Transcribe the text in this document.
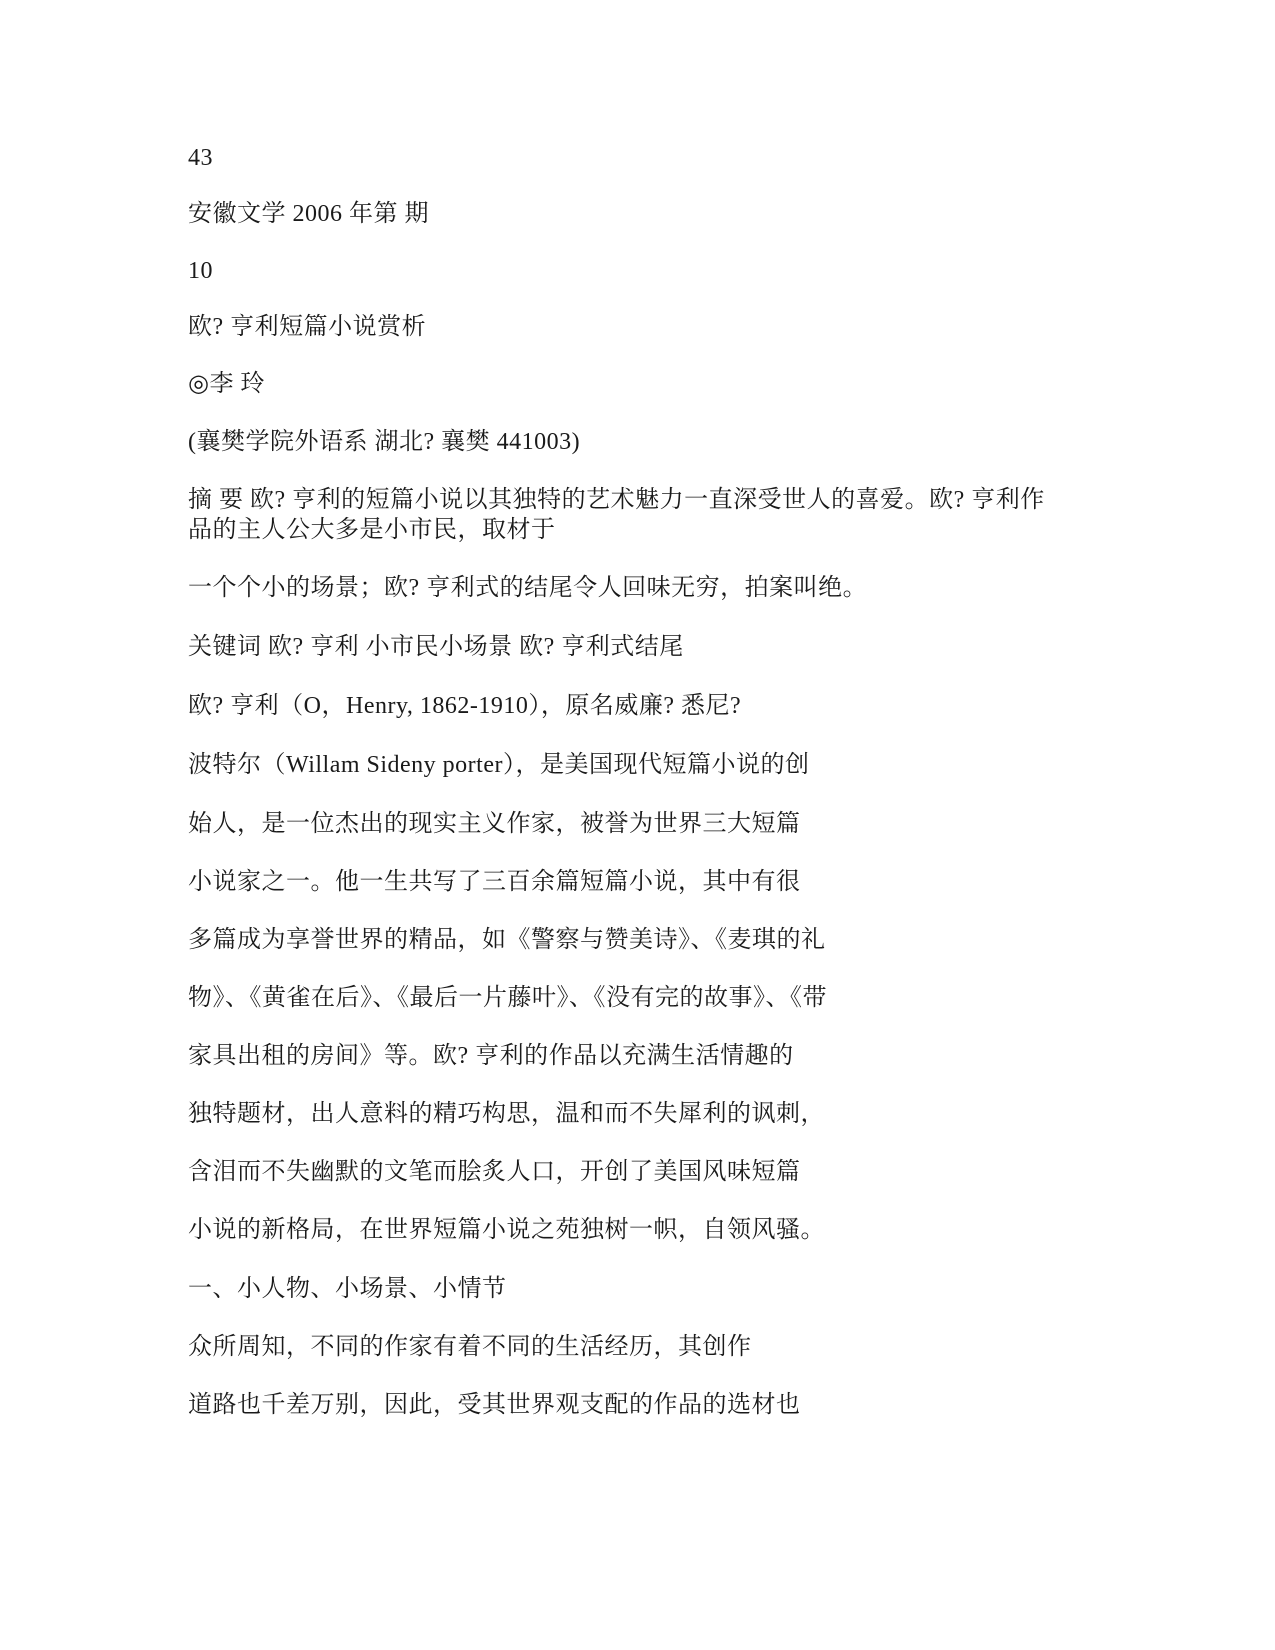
43
安徽文学 2006 年第 期
10
欧? 亨利短篇小说赏析
◎李 玲
(襄樊学院外语系 湖北? 襄樊 441003)
摘 要 欧? 亨利的短篇小说以其独特的艺术魅力一直深受世人的喜爱。欧? 亨利作
品的主人公大多是小市民，取材于
一个个小的场景；欧? 亨利式的结尾令人回味无穷，拍案叫绝。
关键词 欧? 亨利 小市民小场景 欧? 亨利式结尾
欧? 亨利（O，Henry, 1862-1910），原名威廉? 悉尼?
波特尔（Willam Sideny porter），是美国现代短篇小说的创
始人，是一位杰出的现实主义作家，被誉为世界三大短篇
小说家之一。他一生共写了三百余篇短篇小说，其中有很
多篇成为享誉世界的精品，如《警察与赞美诗》、《麦琪的礼
物》、《黄雀在后》、《最后一片藤叶》、《没有完的故事》、《带
家具出租的房间》等。欧? 亨利的作品以充满生活情趣的
独特题材，出人意料的精巧构思，温和而不失犀利的讽刺，
含泪而不失幽默的文笔而脍炙人口，开创了美国风味短篇
小说的新格局，在世界短篇小说之苑独树一帜，自领风骚。
一、小人物、小场景、小情节
众所周知，不同的作家有着不同的生活经历，其创作
道路也千差万别，因此，受其世界观支配的作品的选材也
